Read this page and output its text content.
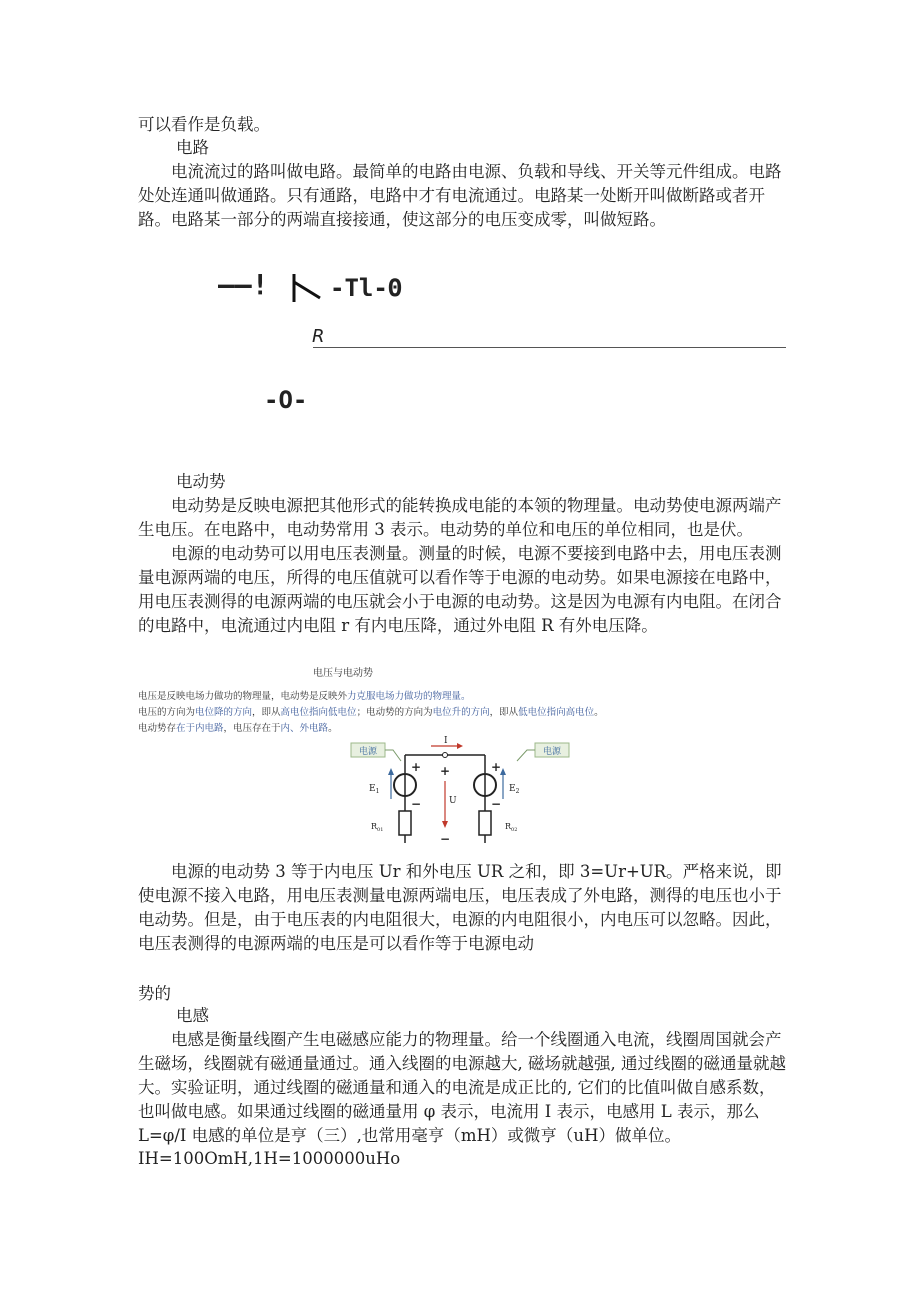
可以看作是负载。

电路

电流流过的路叫做电路。最简单的电路由电源、负载和导线、开关等元件组成。电路处处连通叫做通路。只有通路，电路中才有电流通过。电路某一处断开叫做断路或者开路。电路某一部分的两端直接接通，使这部分的电压变成零，叫做短路。

——!	-Tl-Θ
R
-O-

电动势

电动势是反映电源把其他形式的能转换成电能的本领的物理量。电动势使电源两端产生电压。在电路中，电动势常用 3 表示。电动势的单位和电压的单位相同，也是伏。

电源的电动势可以用电压表测量。测量的时候，电源不要接到电路中去，用电压表测量电源两端的电压，所得的电压值就可以看作等于电源的电动势。如果电源接在电路中，用电压表测得的电源两端的电压就会小于电源的电动势。这是因为电源有内电阻。在闭合的电路中，电流通过内电阻 r 有内电压降，通过外电阻 R 有外电压降。

电压与电动势
电压是反映电场力做功的物理量，电动势是反映外力克服电场力做功的物理量。
电压的方向为电位降的方向，即从高电位指向低电位；电动势的方向为电位升的方向，即从低电位指向高电位。
电动势存在于内电路，电压存在于内、外电路。
电源	电源
I
+
−
$E_1$
$R_{01}$
+
U
−
+
−
$E_2$
$R_{02}$

电源的电动势 3 等于内电压 Ur 和外电压 UR 之和，即 3=Ur+UR。严格来说，即使电源不接入电路，用电压表测量电源两端电压，电压表成了外电路，测得的电压也小于电动势。但是，由于电压表的内电阻很大，电源的内电阻很小，内电压可以忽略。因此，电压表测得的电源两端的电压是可以看作等于电源电动

势的

电感

电感是衡量线圈产生电磁感应能力的物理量。给一个线圈通入电流，线圈周国就会产生磁场，线圈就有磁通量通过。通入线圈的电源越大, 磁场就越强, 通过线圈的磁通量就越大。实验证明，通过线圈的磁通量和通入的电流是成正比的, 它们的比值叫做自感系数，也叫做电感。如果通过线圈的磁通量用 φ 表示，电流用 I 表示，电感用 L 表示，那么 L=φ/I 电感的单位是亨（三）,也常用毫亨（mH）或微亨（uH）做单位。

IH=100OmH,1H=1000000uHo
